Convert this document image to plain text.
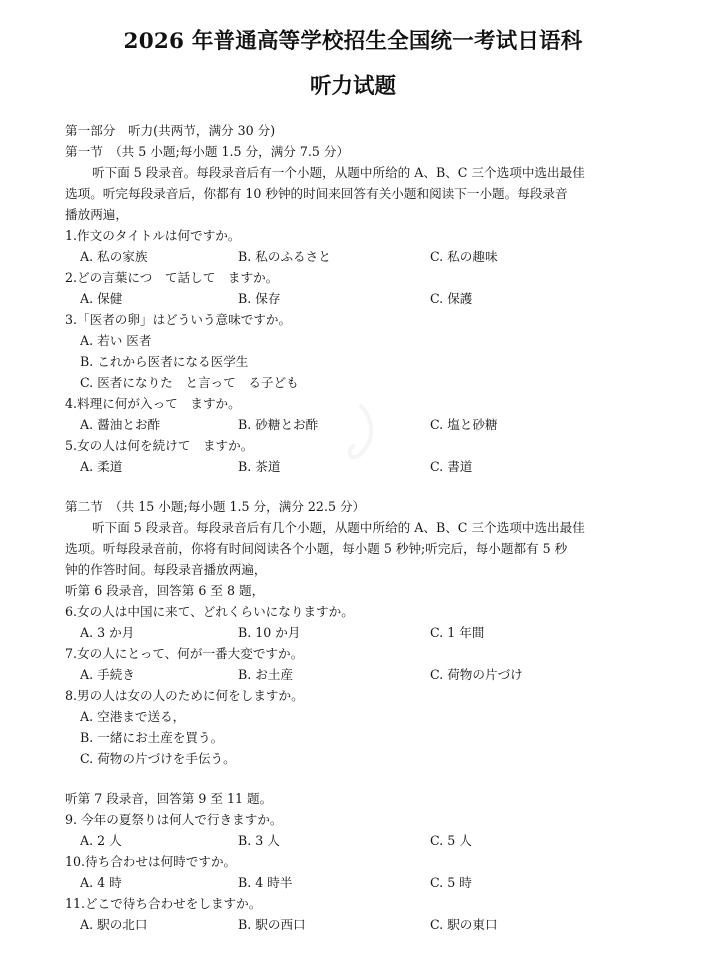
2026 年普通高等学校招生全国统一考试日语科
听力试题
第一部分　听力(共两节，满分 30 分)
第一节　（共 5 小题;每小题 1.5 分，满分 7.5 分）
听下面 5 段录音。每段录音后有一个小题，从题中所给的 A、B、C 三个选项中选出最佳
选项。听完每段录音后，你都有 10 秒钟的时间来回答有关小题和阅读下一小题。每段录音
播放两遍，
1.作文のタイトルは何ですか。
A. 私の家族	B. 私のふるさと	C. 私の趣味
2.どの言葉につ　て話して　ますか。
A. 保健	B. 保存	C. 保護
3.「医者の卵」はどういう意味ですか。
A. 若い 医者
B. これから医者になる医学生
C. 医者になりた　と言って　る子ども
4.料理に何が入って　ますか。
A. 醤油とお酢	B. 砂糖とお酢	C. 塩と砂糖
5.女の人は何を続けて　ますか。
A. 柔道	B. 茶道	C. 書道
第二节　（共 15 小题;每小题 1.5 分，满分 22.5 分）
听下面 5 段录音。每段录音后有几个小题，从题中所给的 A、B、C 三个选项中选出最佳
选项。听每段录音前，你将有时间阅读各个小题，每小题 5 秒钟;听完后，每小题都有 5 秒
钟的作答时间。每段录音播放两遍，
听第 6 段录音，回答第 6 至 8 题，
6.女の人は中国に来て、どれくらいになりますか。
A. 3 か月	B. 10 か月	C. 1 年間
7.女の人にとって、何が一番大変ですか。
A. 手続き	B. お土産	C. 荷物の片づけ
8.男の人は女の人のために何をしますか。
A. 空港まで送る，
B. 一緒にお土産を買う。
C. 荷物の片づけを手伝う。
听第 7 段录音，回答第 9 至 11 题。
9. 今年の夏祭りは何人で行きますか。
A. 2 人	B. 3 人	C. 5 人
10.待ち合わせは何時ですか。
A. 4 時	B. 4 時半	C. 5 時
11.どこで待ち合わせをしますか。
A. 駅の北口	B. 駅の西口	C. 駅の東口
